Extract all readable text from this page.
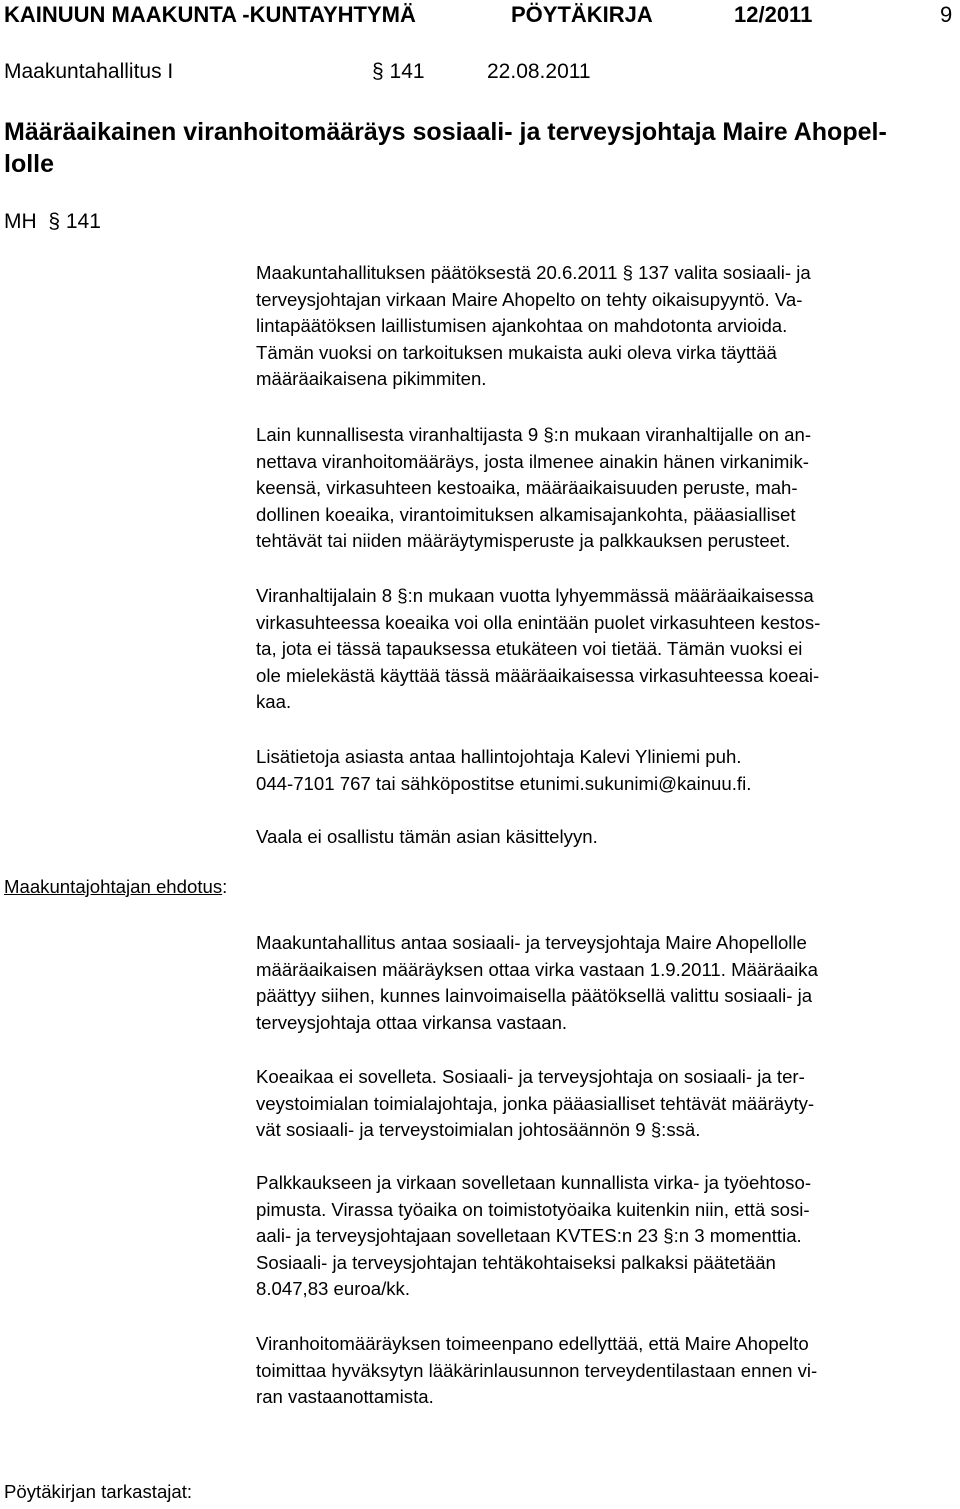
KAINUUN MAAKUNTA -KUNTAYHTYMÄ	PÖYTÄKIRJA	12/2011	9
Maakuntahallitus I	§ 141	22.08.2011
Määräaikainen viranhoitomääräys sosiaali- ja terveysjohtaja Maire Ahopel-
lolle
MH  § 141

Maakuntahallituksen päätöksestä 20.6.2011 § 137 valita sosiaali- ja
terveysjohtajan virkaan Maire Ahopelto on tehty oikaisupyyntö. Va-
lintapäätöksen laillistumisen ajankohtaa on mahdotonta arvioida.
Tämän vuoksi on tarkoituksen mukaista auki oleva virka täyttää
määräaikaisena pikimmiten.

Lain kunnallisesta viranhaltijasta 9 §:n mukaan viranhaltijalle on an-
nettava viranhoitomääräys, josta ilmenee ainakin hänen virkanimik-
keensä, virkasuhteen kestoaika, määräaikaisuuden peruste, mah-
dollinen koeaika, virantoimituksen alkamisajankohta, pääasialliset
tehtävät tai niiden määräytymisperuste ja palkkauksen perusteet.

Viranhaltijalain 8 §:n mukaan vuotta lyhyemmässä määräaikaisessa
virkasuhteessa koeaika voi olla enintään puolet virkasuhteen kestos-
ta, jota ei tässä tapauksessa etukäteen voi tietää. Tämän vuoksi ei
ole mielekästä käyttää tässä määräaikaisessa virkasuhteessa koeai-
kaa.

Lisätietoja asiasta antaa hallintojohtaja Kalevi Yliniemi puh.
044-7101 767 tai sähköpostitse etunimi.sukunimi@kainuu.fi.

Vaala ei osallistu tämän asian käsittelyyn.

Maakuntajohtajan ehdotus:

Maakuntahallitus antaa sosiaali- ja terveysjohtaja Maire Ahopellolle
määräaikaisen määräyksen ottaa virka vastaan 1.9.2011. Määräaika
päättyy siihen, kunnes lainvoimaisella päätöksellä valittu sosiaali- ja
terveysjohtaja ottaa virkansa vastaan.

Koeaikaa ei sovelleta. Sosiaali- ja terveysjohtaja on sosiaali- ja ter-
veystoimialan toimialajohtaja, jonka pääasialliset tehtävät määräyty-
vät sosiaali- ja terveystoimialan johtosäännön 9 §:ssä.

Palkkaukseen ja virkaan sovelletaan kunnallista virka- ja työehtoso-
pimusta. Virassa työaika on toimistotyöaika kuitenkin niin, että sosi-
aali- ja terveysjohtajaan sovelletaan KVTES:n 23 §:n 3 momenttia.
Sosiaali- ja terveysjohtajan tehtäkohtaiseksi palkaksi päätetään
8.047,83 euroa/kk.

Viranhoitomääräyksen toimeenpano edellyttää, että Maire Ahopelto
toimittaa hyväksytyn lääkärinlausunnon terveydentilastaan ennen vi-
ran vastaanottamista.

Pöytäkirjan tarkastajat:
